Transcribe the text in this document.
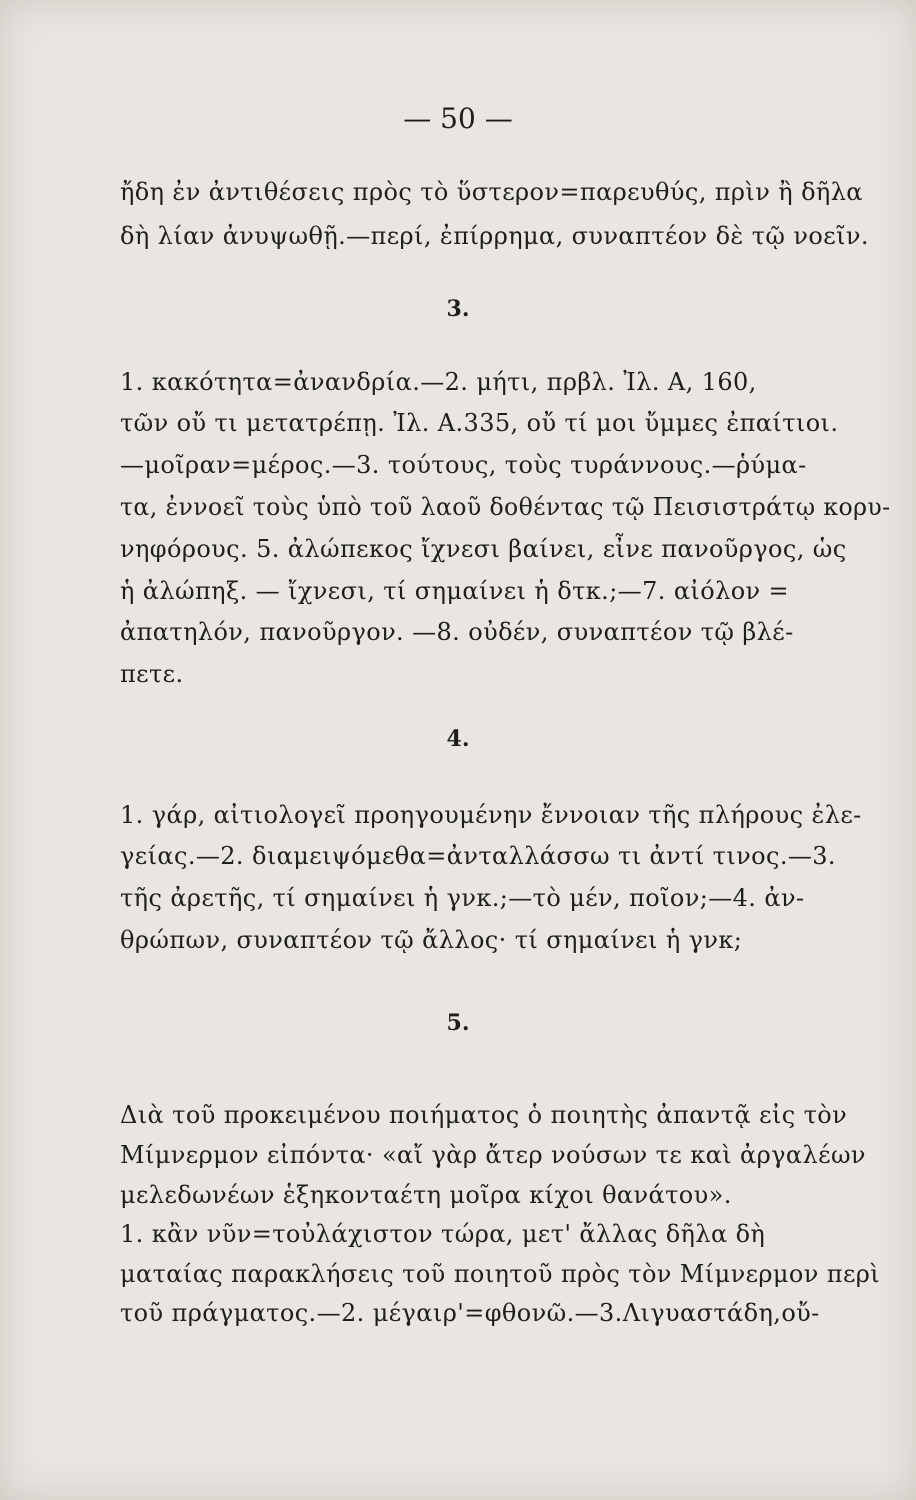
— 50 —
ἤδη ἐν ἀντιθέσεις πρὸς τὸ ὕστερον=παρευθύς, πρὶν ἢ δῆλα
δὴ λίαν ἀνυψωθῇ.—περί, ἐπίρρημα, συναπτέον δὲ τῷ νοεῖν.
3.
1. κακότητα=ἀνανδρία.—2. μήτι, πρβλ. Ἰλ. Α, 160,
τῶν οὔ τι μετατρέπῃ. Ἰλ. Α.335, οὔ τί μοι ὔμμες ἐπαίτιοι.
—μοῖραν=μέρος.—3. τούτους, τοὺς τυράννους.—ῥύμα-
τα, ἐννοεῖ τοὺς ὑπὸ τοῦ λαοῦ δοθέντας τῷ Πεισιστράτῳ κορυ-
νηφόρους. 5. ἀλώπεκος ἴχνεσι βαίνει, εἶνε πανοῦργος, ὡς
ἡ ἀλώπηξ. — ἴχνεσι, τί σημαίνει ἡ δτκ.;—7. αἰόλον =
ἀπατηλόν, πανοῦργον. —8. οὐδέν, συναπτέον τῷ βλέ-
πετε.
4.
1. γάρ, αἰτιολογεῖ προηγουμένην ἔννοιαν τῆς πλήρους ἐλε-
γείας.—2. διαμειψόμεθα=ἀνταλλάσσω τι ἀντί τινος.—3.
τῆς ἀρετῆς, τί σημαίνει ἡ γνκ.;—τὸ μέν, ποῖον;—4. ἀν-
θρώπων, συναπτέον τῷ ἄλλος· τί σημαίνει ἡ γνκ;
5.
Διὰ τοῦ προκειμένου ποιήματος ὁ ποιητὴς ἀπαντᾷ εἰς τὸν
Μίμνερμον εἰπόντα· «αἴ γὰρ ἄτερ νούσων τε καὶ ἀργαλέων
μελεδωνέων ἑξηκονταέτη μοῖρα κίχοι θανάτου».
1. κἂν νῦν=τοὐλάχιστον τώρα, μετ' ἄλλας δῆλα δὴ
ματαίας παρακλήσεις τοῦ ποιητοῦ πρὸς τὸν Μίμνερμον περὶ
τοῦ πράγματος.—2. μέγαιρ'=φθονῶ.—3.Λιγυαστάδη,οὔ-
